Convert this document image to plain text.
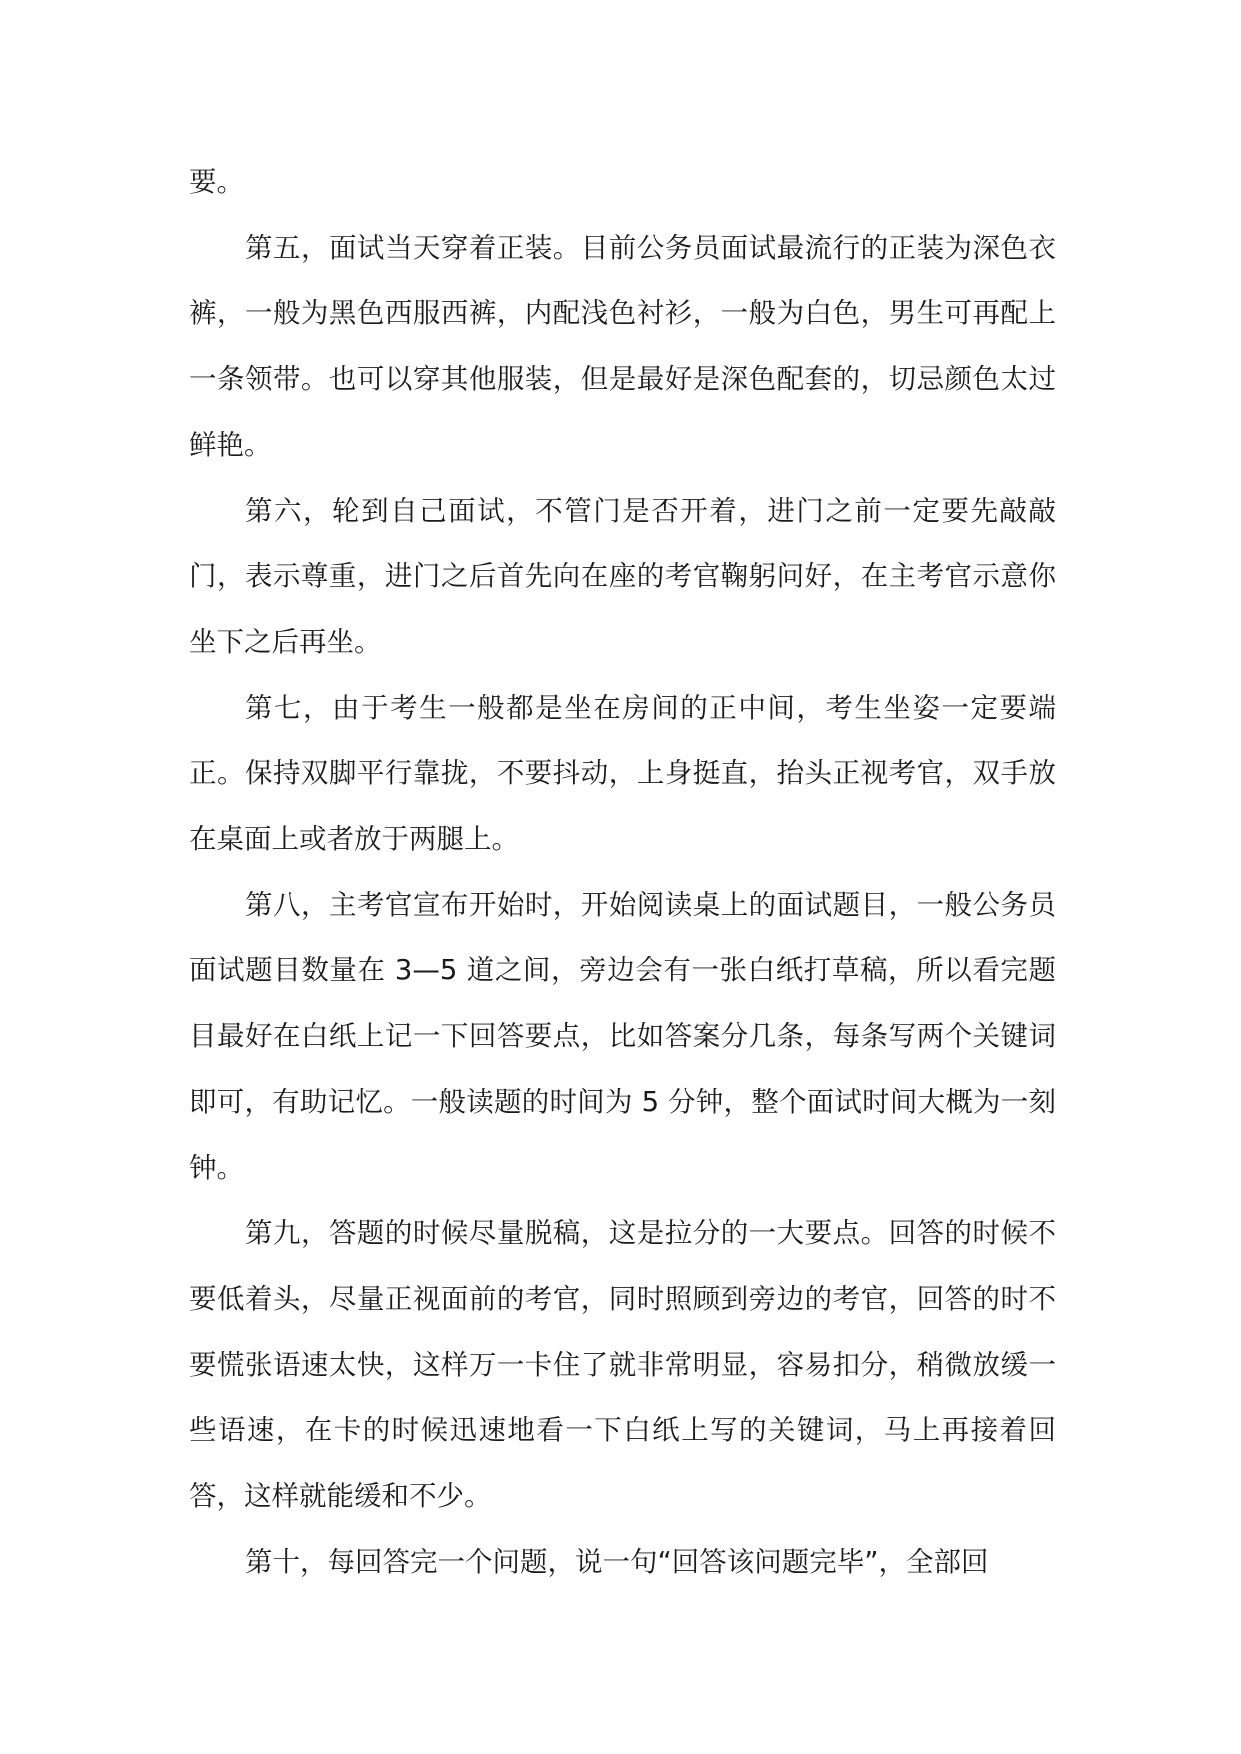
要。

第五，面试当天穿着正装。目前公务员面试最流行的正装为深色衣裤，一般为黑色西服西裤，内配浅色衬衫，一般为白色，男生可再配上一条领带。也可以穿其他服装，但是最好是深色配套的，切忌颜色太过鲜艳。

第六，轮到自己面试，不管门是否开着，进门之前一定要先敲敲门，表示尊重，进门之后首先向在座的考官鞠躬问好，在主考官示意你坐下之后再坐。

第七，由于考生一般都是坐在房间的正中间，考生坐姿一定要端正。保持双脚平行靠拢，不要抖动，上身挺直，抬头正视考官，双手放在桌面上或者放于两腿上。

第八，主考官宣布开始时，开始阅读桌上的面试题目，一般公务员面试题目数量在 3—5 道之间，旁边会有一张白纸打草稿，所以看完题目最好在白纸上记一下回答要点，比如答案分几条，每条写两个关键词即可，有助记忆。一般读题的时间为 5 分钟，整个面试时间大概为一刻钟。

第九，答题的时候尽量脱稿，这是拉分的一大要点。回答的时候不要低着头，尽量正视面前的考官，同时照顾到旁边的考官，回答的时不要慌张语速太快，这样万一卡住了就非常明显，容易扣分，稍微放缓一些语速，在卡的时候迅速地看一下白纸上写的关键词，马上再接着回答，这样就能缓和不少。

第十，每回答完一个问题，说一句“回答该问题完毕”，全部回
